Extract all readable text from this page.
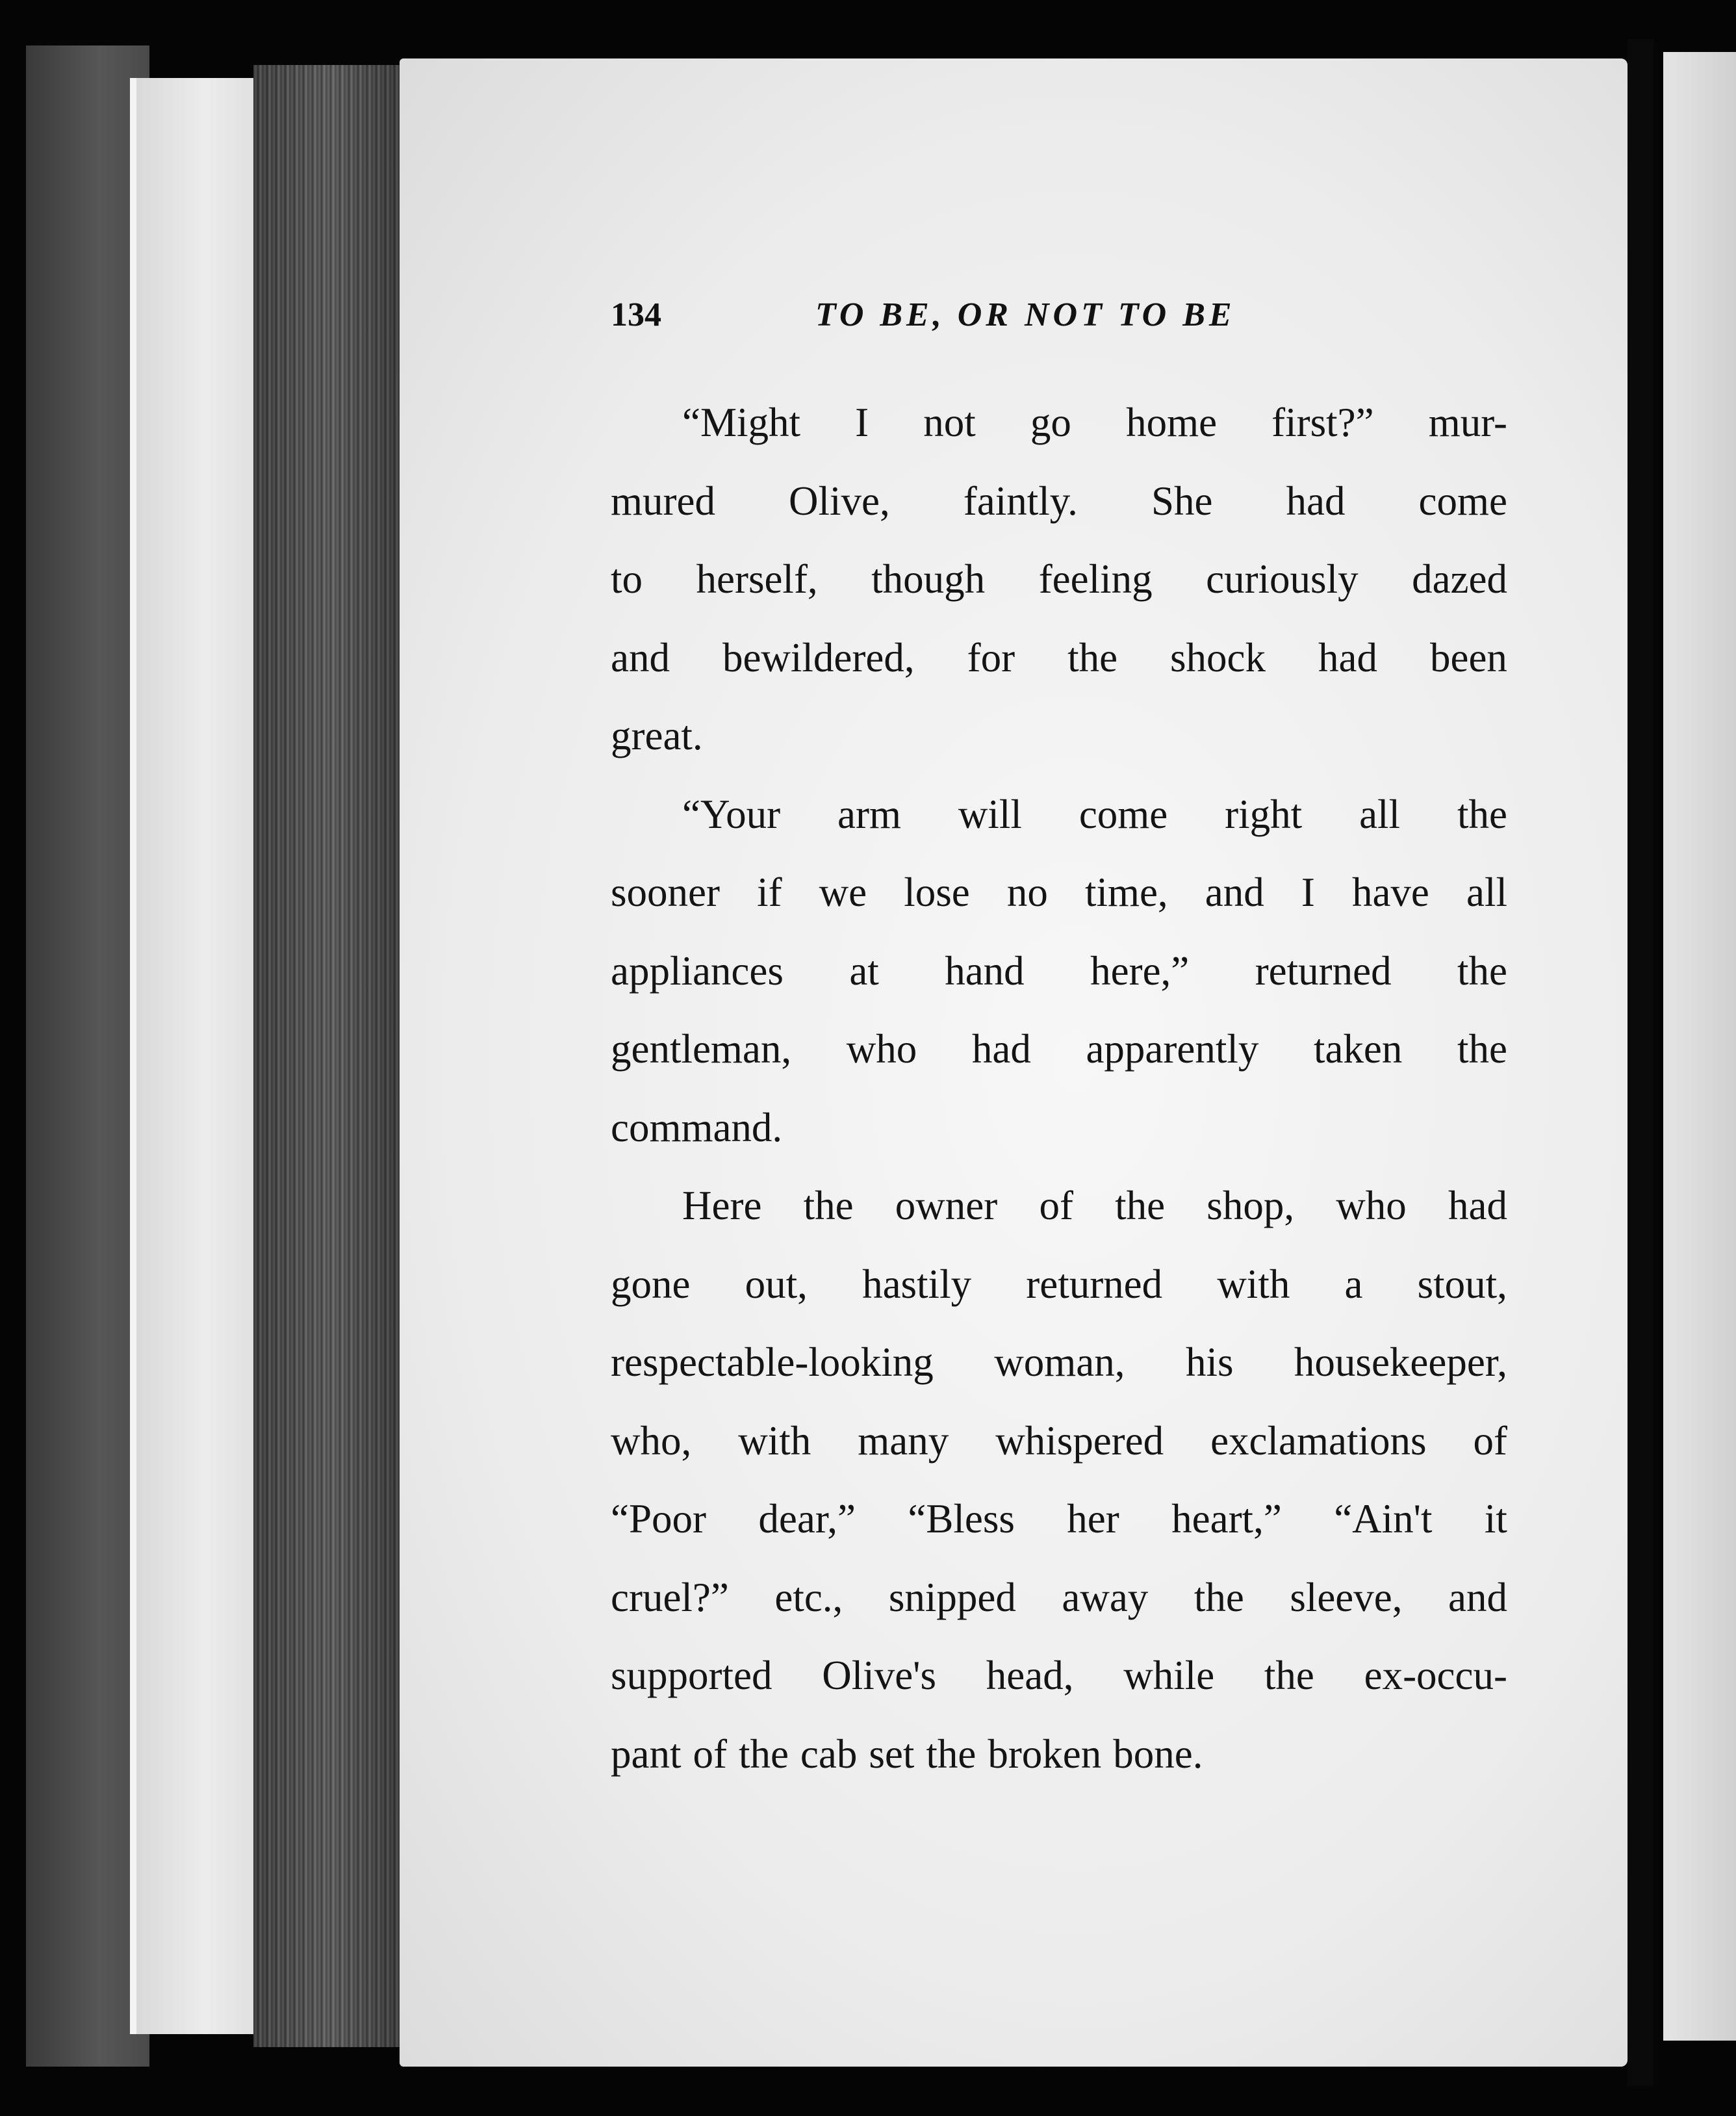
134	TO BE, OR NOT TO BE
“Might I not go home first?” mur-
mured Olive, faintly. She had come
to herself, though feeling curiously dazed
and bewildered, for the shock had been
great.
“Your arm will come right all the
sooner if we lose no time, and I have all
appliances at hand here,” returned the
gentleman, who had apparently taken the
command.
Here the owner of the shop, who had
gone out, hastily returned with a stout,
respectable-looking woman, his housekeeper,
who, with many whispered exclamations of
“Poor dear,” “Bless her heart,” “Ain't it
cruel?” etc., snipped away the sleeve, and
supported Olive's head, while the ex-occu-
pant of the cab set the broken bone.
